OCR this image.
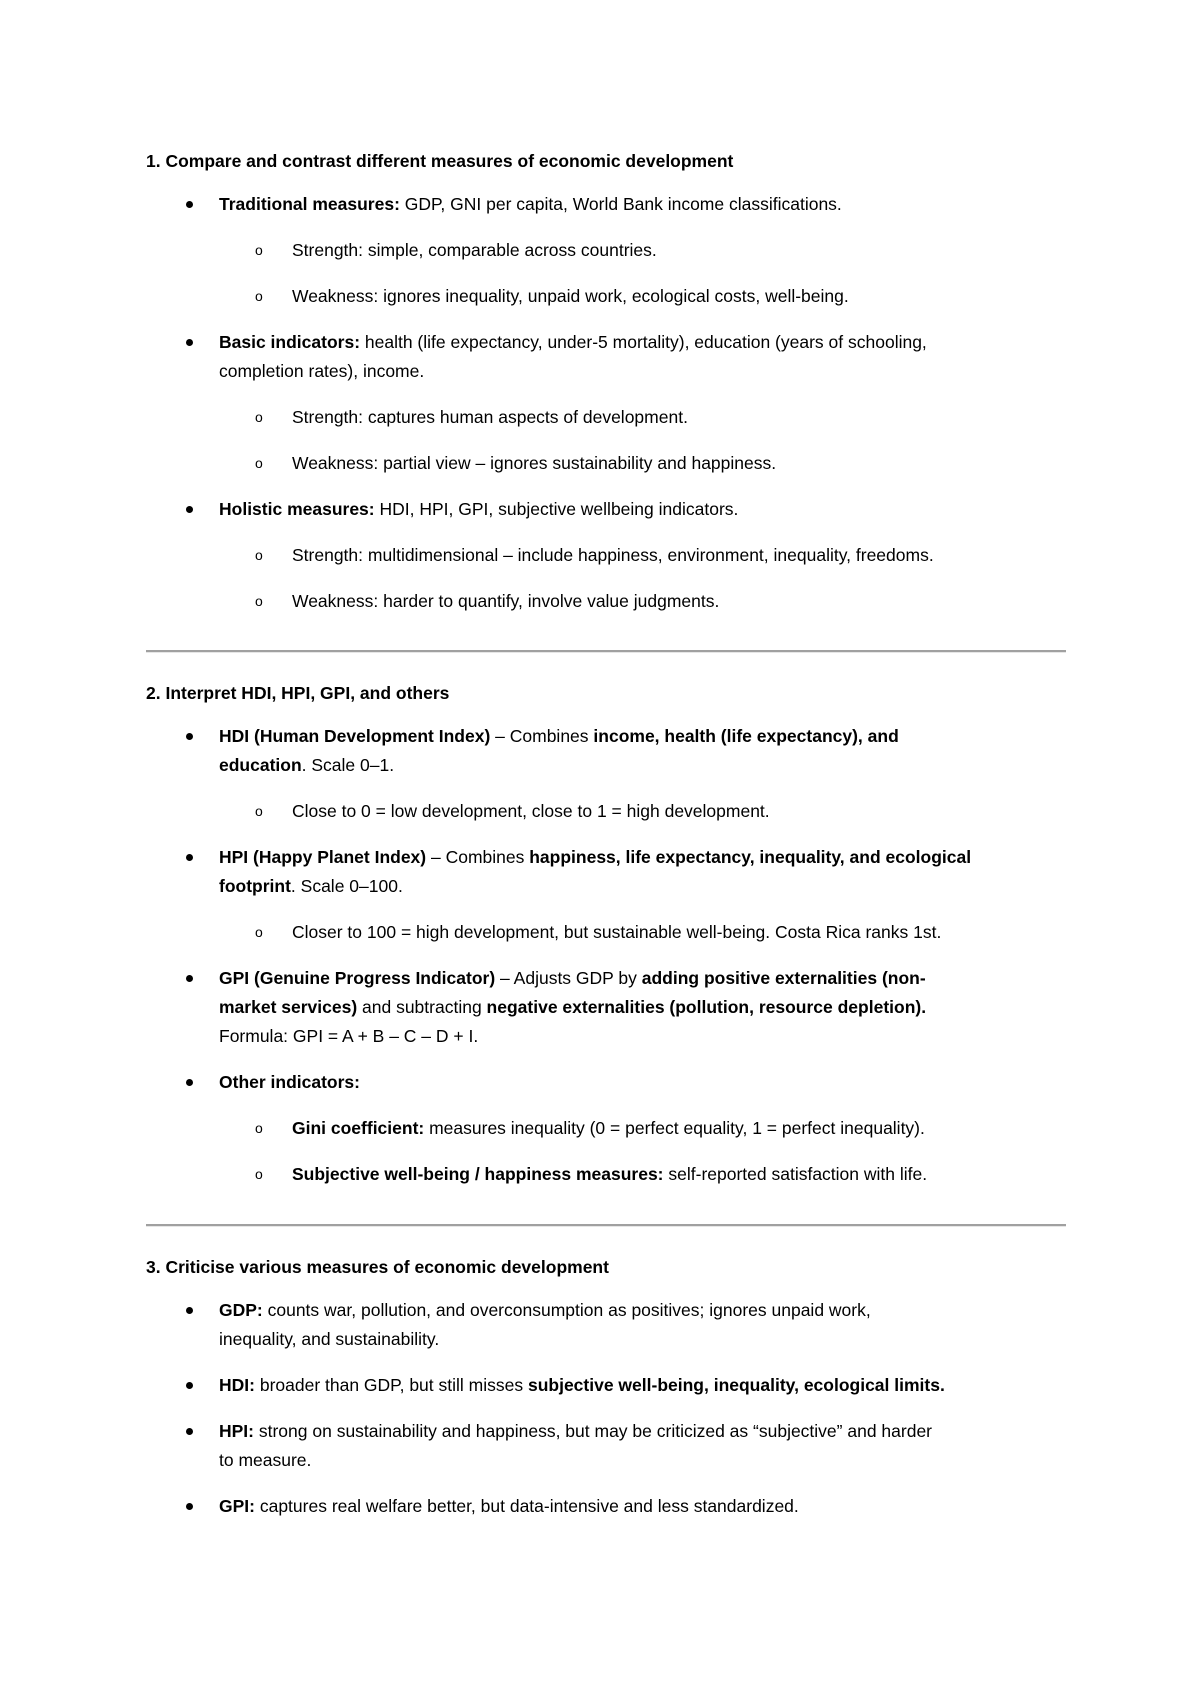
1. Compare and contrast different measures of economic development
Traditional measures: GDP, GNI per capita, World Bank income classifications.
o Strength: simple, comparable across countries.
o Weakness: ignores inequality, unpaid work, ecological costs, well-being.
Basic indicators: health (life expectancy, under-5 mortality), education (years of schooling,
completion rates), income.
o Strength: captures human aspects of development.
o Weakness: partial view – ignores sustainability and happiness.
Holistic measures: HDI, HPI, GPI, subjective wellbeing indicators.
o Strength: multidimensional – include happiness, environment, inequality, freedoms.
o Weakness: harder to quantify, involve value judgments.
2. Interpret HDI, HPI, GPI, and others
HDI (Human Development Index) – Combines income, health (life expectancy), and
education. Scale 0–1.
o Close to 0 = low development, close to 1 = high development.
HPI (Happy Planet Index) – Combines happiness, life expectancy, inequality, and ecological
footprint. Scale 0–100.
o Closer to 100 = high development, but sustainable well-being. Costa Rica ranks 1st.
GPI (Genuine Progress Indicator) – Adjusts GDP by adding positive externalities (non-
market services) and subtracting negative externalities (pollution, resource depletion).
Formula: GPI = A + B – C – D + I.
Other indicators:
o Gini coefficient: measures inequality (0 = perfect equality, 1 = perfect inequality).
o Subjective well-being / happiness measures: self-reported satisfaction with life.
3. Criticise various measures of economic development
GDP: counts war, pollution, and overconsumption as positives; ignores unpaid work,
inequality, and sustainability.
HDI: broader than GDP, but still misses subjective well-being, inequality, ecological limits.
HPI: strong on sustainability and happiness, but may be criticized as “subjective” and harder
to measure.
GPI: captures real welfare better, but data-intensive and less standardized.
